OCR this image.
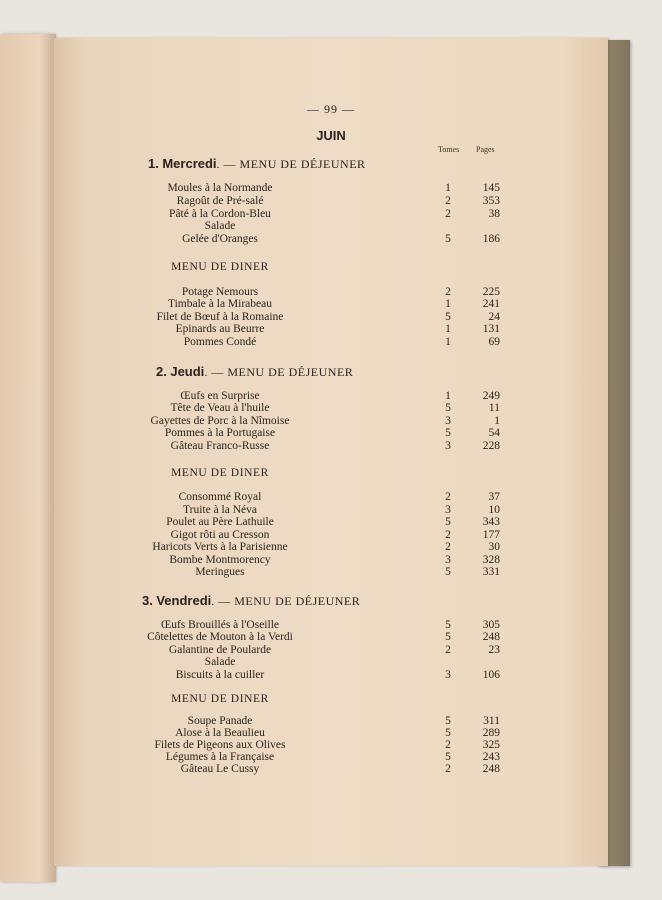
— 99 —
JUIN
Tomes Pages
1. Mercredi. — MENU DE DÉJEUNER
Moules à la Normande	1	145
Ragoût de Pré-salé	2	353
Pâté à la Cordon-Bleu	2	38
Salade
Gelée d'Oranges	5	186
MENU DE DINER
Potage Nemours	2	225
Timbale à la Mirabeau	1	241
Filet de Bœuf à la Romaine	5	24
Epinards au Beurre	1	131
Pommes Condé	1	69
2. Jeudi. — MENU DE DÉJEUNER
Œufs en Surprise	1	249
Tête de Veau à l'huile	5	11
Gayettes de Porc à la Nîmoise	3	1
Pommes à la Portugaise	5	54
Gâteau Franco-Russe	3	228
MENU DE DINER
Consommé Royal	2	37
Truite à la Néva	3	10
Poulet au Père Lathuile	5	343
Gigot rôti au Cresson	2	177
Haricots Verts à la Parisienne	2	30
Bombe Montmorency	3	328
Meringues	5	331
3. Vendredi. — MENU DE DÉJEUNER
Œufs Brouillés à l'Oseille	5	305
Côtelettes de Mouton à la Verdi	5	248
Galantine de Poularde	2	23
Salade
Biscuits à la cuiller	3	106
MENU DE DINER
Soupe Panade	5	311
Alose à la Beaulieu	5	289
Filets de Pigeons aux Olives	2	325
Légumes à la Française	5	243
Gâteau Le Cussy	2	248
